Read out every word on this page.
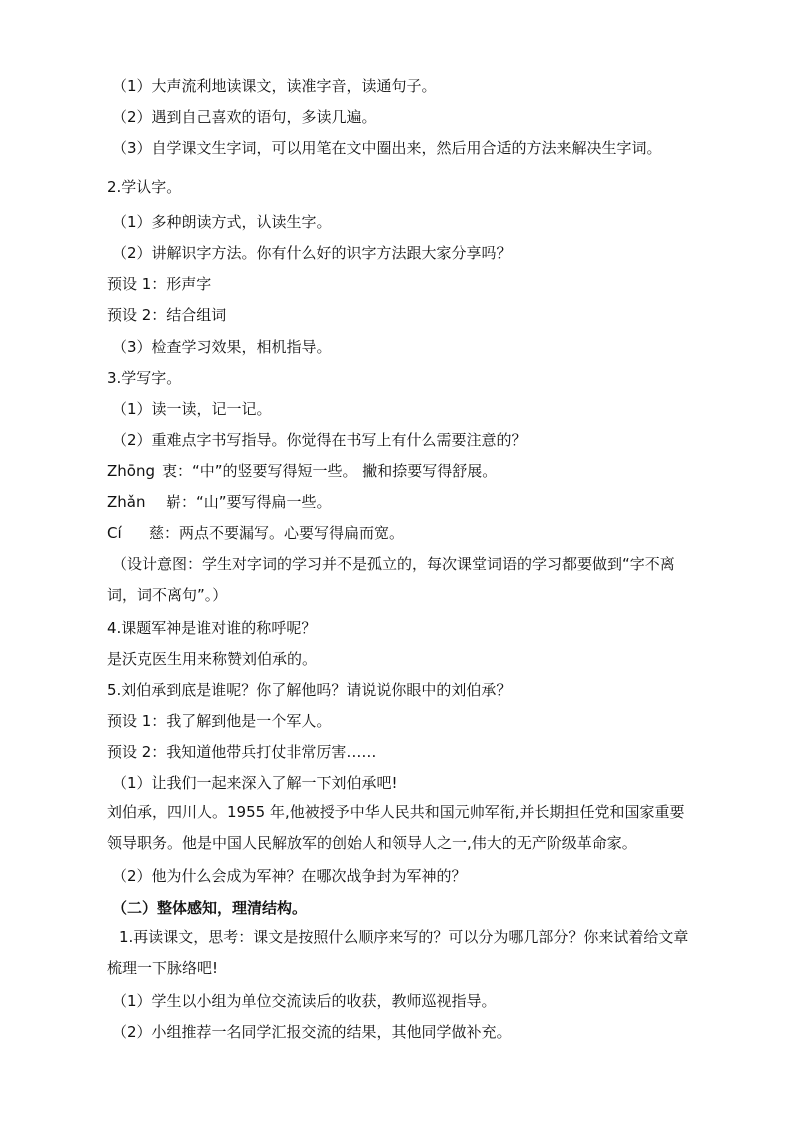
（1）大声流利地读课文，读准字音，读通句子。
（2）遇到自己喜欢的语句，多读几遍。
（3）自学课文生字词，可以用笔在文中圈出来，然后用合适的方法来解决生字词。
2.学认字。
（1）多种朗读方式，认读生字。
（2）讲解识字方法。你有什么好的识字方法跟大家分享吗？
预设 1：形声字
预设 2：结合组词
（3）检查学习效果，相机指导。
3.学写字。
（1）读一读，记一记。
（2）重难点字书写指导。你觉得在书写上有什么需要注意的？
Zhōng 衷：“中”的竖要写得短一些。 撇和捺要写得舒展。
Zhǎn 崭：“山”要写得扁一些。
Cí 慈：两点不要漏写。心要写得扁而宽。
（设计意图：学生对字词的学习并不是孤立的，每次课堂词语的学习都要做到“字不离词，词不离句”。）
4.课题军神是谁对谁的称呼呢？
是沃克医生用来称赞刘伯承的。
5.刘伯承到底是谁呢？你了解他吗？请说说你眼中的刘伯承？
预设 1：我了解到他是一个军人。
预设 2：我知道他带兵打仗非常厉害……
（1）让我们一起来深入了解一下刘伯承吧!
刘伯承，四川人。1955 年,他被授予中华人民共和国元帅军衔,并长期担任党和国家重要领导职务。他是中国人民解放军的创始人和领导人之一,伟大的无产阶级革命家。
（2）他为什么会成为军神？在哪次战争封为军神的？
（二）整体感知，理清结构。
1.再读课文，思考：课文是按照什么顺序来写的？可以分为哪几部分？你来试着给文章梳理一下脉络吧!
（1）学生以小组为单位交流读后的收获，教师巡视指导。
（2）小组推荐一名同学汇报交流的结果，其他同学做补充。
